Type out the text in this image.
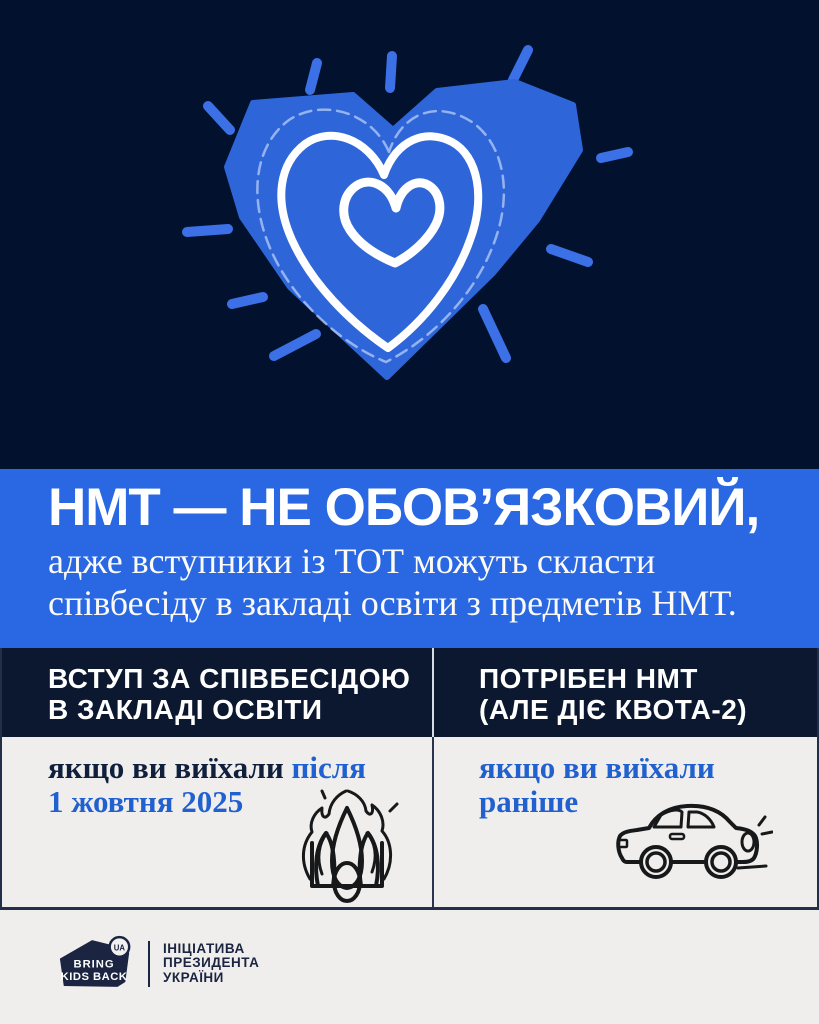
НМТ — НЕ ОБОВ’ЯЗКОВИЙ,
адже вступники із ТОТ можуть скласти
співбесіду в закладі освіти з предметів НМТ.
ВСТУП ЗА СПІВБЕСІДОЮ
В ЗАКЛАДІ ОСВІТИ
якщо ви виїхали після
1 жовтня 2025
ПОТРІБЕН НМТ
(АЛЕ ДІЄ КВОТА-2)
якщо ви виїхали
раніше
BRING
KIDS BACK
UA	ІНІЦІАТИВА
ПРЕЗИДЕНТА
УКРАЇНИ
